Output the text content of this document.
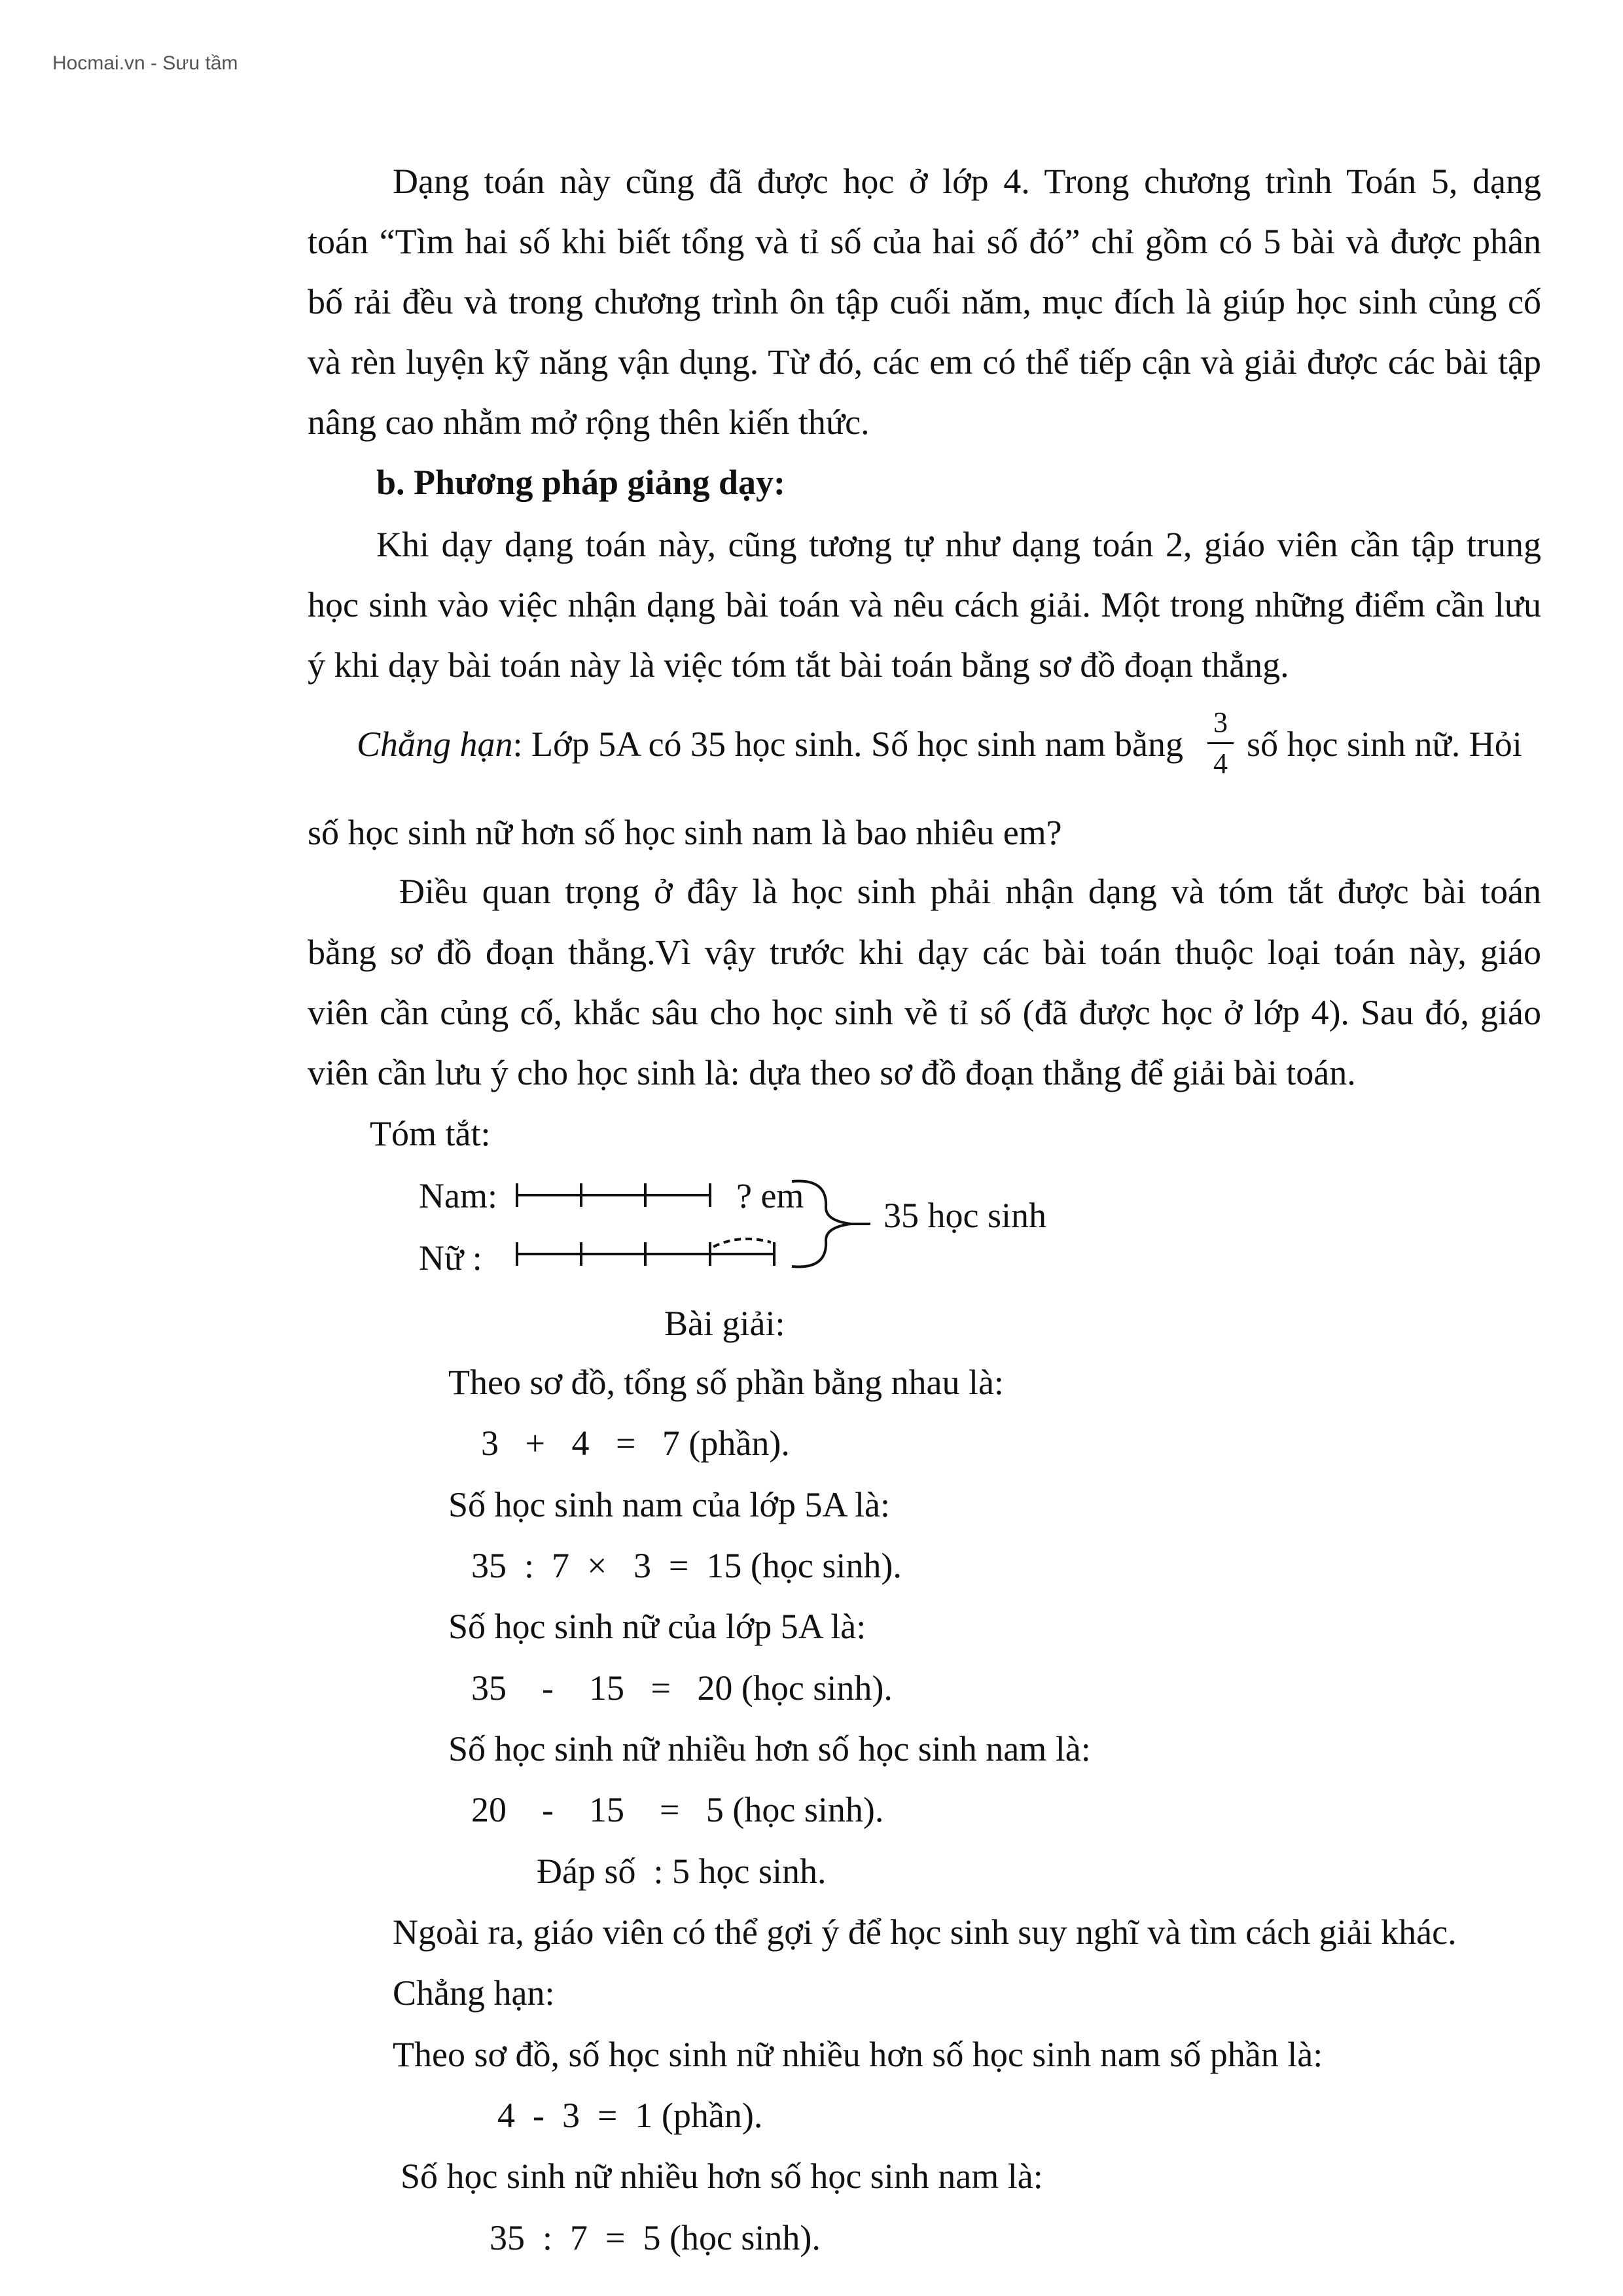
Hocmai.vn - Sưu tầm
Dạng toán này cũng đã được học ở lớp 4. Trong chương trình Toán 5, dạng
toán “Tìm hai số khi biết tổng và tỉ số của hai số đó” chỉ gồm có 5 bài và được phân
bố rải đều và trong chương trình ôn tập cuối năm, mục đích là giúp học sinh củng cố
và rèn luyện kỹ năng vận dụng. Từ đó, các em có thể tiếp cận và giải được các bài tập
nâng cao nhằm mở rộng thên kiến thức.
b. Phương pháp giảng dạy:
Khi dạy dạng toán này, cũng tương tự như dạng toán 2, giáo viên cần tập trung
học sinh vào việc nhận dạng bài toán và nêu cách giải. Một trong những điểm cần lưu
ý khi dạy bài toán này là việc tóm tắt bài toán bằng sơ đồ đoạn thẳng.
Chẳng hạn: Lớp 5A có 35 học sinh. Số học sinh nam bằng
3
4 số học sinh nữ. Hỏi
số học sinh nữ hơn số học sinh nam là bao nhiêu em?
Điều quan trọng ở đây là học sinh phải nhận dạng và tóm tắt được bài toán
bằng sơ đồ đoạn thẳng.Vì vậy trước khi dạy các bài toán thuộc loại toán này, giáo
viên cần củng cố, khắc sâu cho học sinh về tỉ số (đã được học ở lớp 4). Sau đó, giáo
viên cần lưu ý cho học sinh là: dựa theo sơ đồ đoạn thẳng để giải bài toán.
Tóm tắt:
Nam:
Nữ :
? em 35 học sinh
Bài giải:
Theo sơ đồ, tổng số phần bằng nhau là:
3   +   4   =   7 (phần).
Số học sinh nam của lớp 5A là:
35  :  7  ×   3  =  15 (học sinh).
Số học sinh nữ của lớp 5A là:
35    -    15   =   20 (học sinh).
Số học sinh nữ nhiều hơn số học sinh nam là:
20    -    15    =   5 (học sinh).
Đáp số  : 5 học sinh.
Ngoài ra, giáo viên có thể gợi ý để học sinh suy nghĩ và tìm cách giải khác.
Chẳng hạn:
Theo sơ đồ, số học sinh nữ nhiều hơn số học sinh nam số phần là:
4  -  3  =  1 (phần).
Số học sinh nữ nhiều hơn số học sinh nam là:
35  :  7  =  5 (học sinh).
